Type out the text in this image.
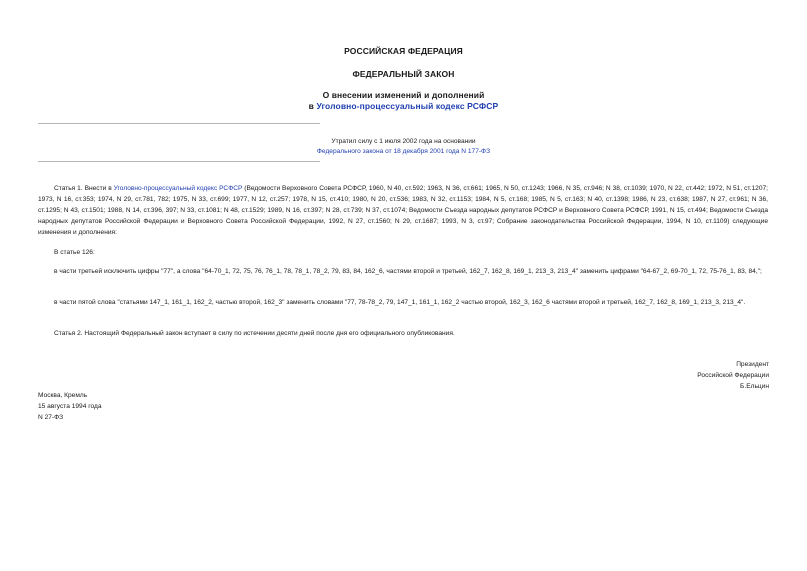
РОССИЙСКАЯ ФЕДЕРАЦИЯ
ФЕДЕРАЛЬНЫЙ ЗАКОН
О внесении изменений и дополнений
в Уголовно-процессуальный кодекс РСФСР
Утратил силу с 1 июля 2002 года на основании
Федерального закона от 18 декабря 2001 года N 177-ФЗ
Статья 1. Внести в Уголовно-процессуальный кодекс РСФСР (Ведомости Верховного Совета РСФСР, 1960, N 40, ст.592; 1963, N 36, ст.661; 1965, N 50, ст.1243; 1966, N 35, ст.946; N 38, ст.1039; 1970, N 22, ст.442; 1972, N 51, ст.1207; 1973, N 16, ст.353; 1974, N 29, ст.781, 782; 1975, N 33, ст.699; 1977, N 12, ст.257; 1978, N 15, ст.410; 1980, N 20, ст.536; 1983, N 32, ст.1153; 1984, N 5, ст.168; 1985, N 5, ст.163; N 40, ст.1398; 1986, N 23, ст.638; 1987, N 27, ст.961; N 36, ст.1295; N 43, ст.1501; 1988, N 14, ст.396, 397; N 33, ст.1081; N 48, ст.1529; 1989, N 16, ст.397; N 28, ст.739; N 37, ст.1074; Ведомости Съезда народных депутатов РСФСР и Верховного Совета РСФСР, 1991, N 15, ст.494; Ведомости Съезда народных депутатов Российской Федерации и Верховного Совета Российской Федерации, 1992, N 27, ст.1560; N 29, ст.1687; 1993, N 3, ст.97; Собрание законодательства Российской Федерации, 1994, N 10, ст.1109) следующие изменения и дополнения:
В статье 126:
в части третьей исключить цифры "77", а слова "64-70_1, 72, 75, 76, 76_1, 78, 78_1, 78_2, 79, 83, 84, 162_6, частями второй и третьей, 162_7, 162_8, 169_1, 213_3, 213_4" заменить цифрами "64-67_2, 69-70_1, 72, 75-76_1, 83, 84,";
в части пятой слова "статьями 147_1, 161_1, 162_2, частью второй, 162_3" заменить словами "77, 78-78_2, 79, 147_1, 161_1, 162_2 частью второй, 162_3, 162_6 частями второй и третьей, 162_7, 162_8, 169_1, 213_3, 213_4".
Статья 2. Настоящий Федеральный закон вступает в силу по истечении десяти дней после дня его официального опубликования.
Президент
Российской Федерации
Б.Ельцин
Москва, Кремль
15 августа 1994 года
N 27-ФЗ
